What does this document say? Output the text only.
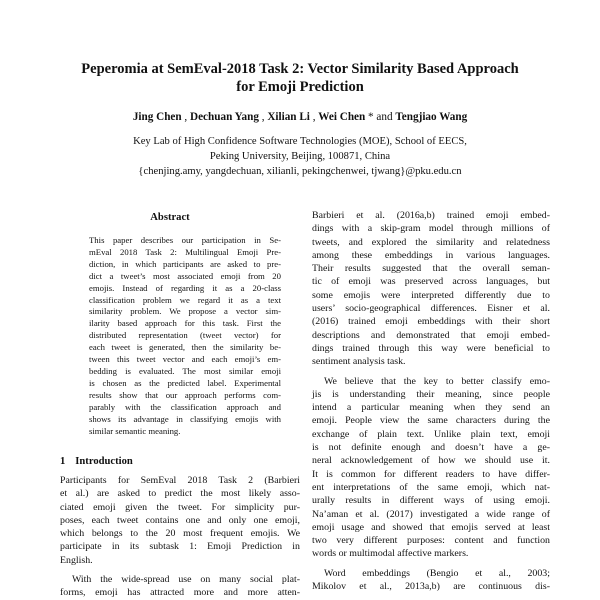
Peperomia at SemEval-2018 Task 2: Vector Similarity Based Approach
for Emoji Prediction
Jing Chen , Dechuan Yang , Xilian Li , Wei Chen * and Tengjiao Wang
Key Lab of High Confidence Software Technologies (MOE), School of EECS,
Peking University, Beijing, 100871, China
{chenjing.amy, yangdechuan, xilianli, pekingchenwei, tjwang}@pku.edu.cn
Abstract
This paper describes our participation in Se-
mEval 2018 Task 2: Multilingual Emoji Pre-
diction, in which participants are asked to pre-
dict a tweet’s most associated emoji from 20
emojis. Instead of regarding it as a 20-class
classification problem we regard it as a text
similarity problem. We propose a vector sim-
ilarity based approach for this task. First the
distributed representation (tweet vector) for
each tweet is generated, then the similarity be-
tween this tweet vector and each emoji’s em-
bedding is evaluated. The most similar emoji
is chosen as the predicted label. Experimental
results show that our approach performs com-
parably with the classification approach and
shows its advantage in classifying emojis with
similar semantic meaning.
1 Introduction

Participants for SemEval 2018 Task 2 (Barbieri
et al.) are asked to predict the most likely asso-
ciated emoji given the tweet. For simplicity pur-
poses, each tweet contains one and only one emoji,
which belongs to the 20 most frequent emojis. We
participate in its subtask 1: Emoji Prediction in
English.

With the wide-spread use on many social plat-
forms, emoji has attracted more and more atten-

Barbieri et al. (2016a,b) trained emoji embed-
dings with a skip-gram model through millions of
tweets, and explored the similarity and relatedness
among these embeddings in various languages.
Their results suggested that the overall seman-
tic of emoji was preserved across languages, but
some emojis were interpreted differently due to
users’ socio-geographical differences. Eisner et al.
(2016) trained emoji embeddings with their short
descriptions and demonstrated that emoji embed-
dings trained through this way were beneficial to
sentiment analysis task.

We believe that the key to better classify emo-
jis is understanding their meaning, since people
intend a particular meaning when they send an
emoji. People view the same characters during the
exchange of plain text. Unlike plain text, emoji
is not definite enough and doesn’t have a ge-
neral acknowledgement of how we should use it.
It is common for different readers to have differ-
ent interpretations of the same emoji, which nat-
urally results in different ways of using emoji.
Na’aman et al. (2017) investigated a wide range of
emoji usage and showed that emojis served at least
two very different purposes: content and function
words or multimodal affective markers.

Word embeddings (Bengio et al., 2003;
Mikolov et al., 2013a,b) are continuous dis-
